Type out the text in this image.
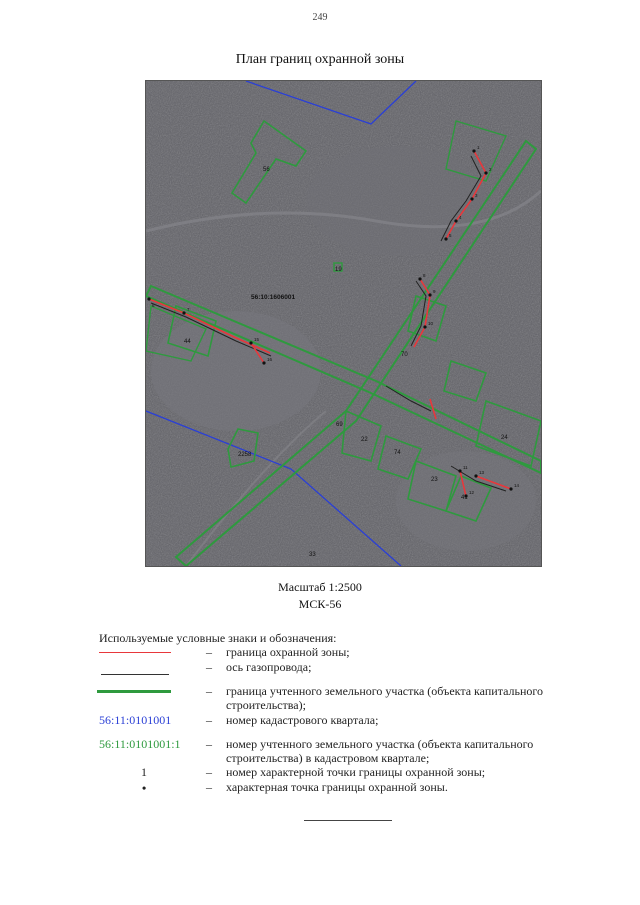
249
План границ охранной зоны
56:10:1606001
56
19
44
69
70
74
22
23
24
41
33
2258
1
2
3
4
5
6
7
8
9
10
11
12
13
14
15
16
Масштаб 1:2500
МСК-56
Используемые условные знаки и обозначения:
– граница охранной зоны;
– ось газопровода;
– граница учтенного земельного участка (объекта капитального строительства);
56:11:0101001	– номер кадастрового квартала;
56:11:0101001:1 – номер учтенного земельного участка (объекта капитального строительства) в кадастровом квартале;
1	– номер характерной точки границы охранной зоны;
•	– характерная точка границы охранной зоны.
